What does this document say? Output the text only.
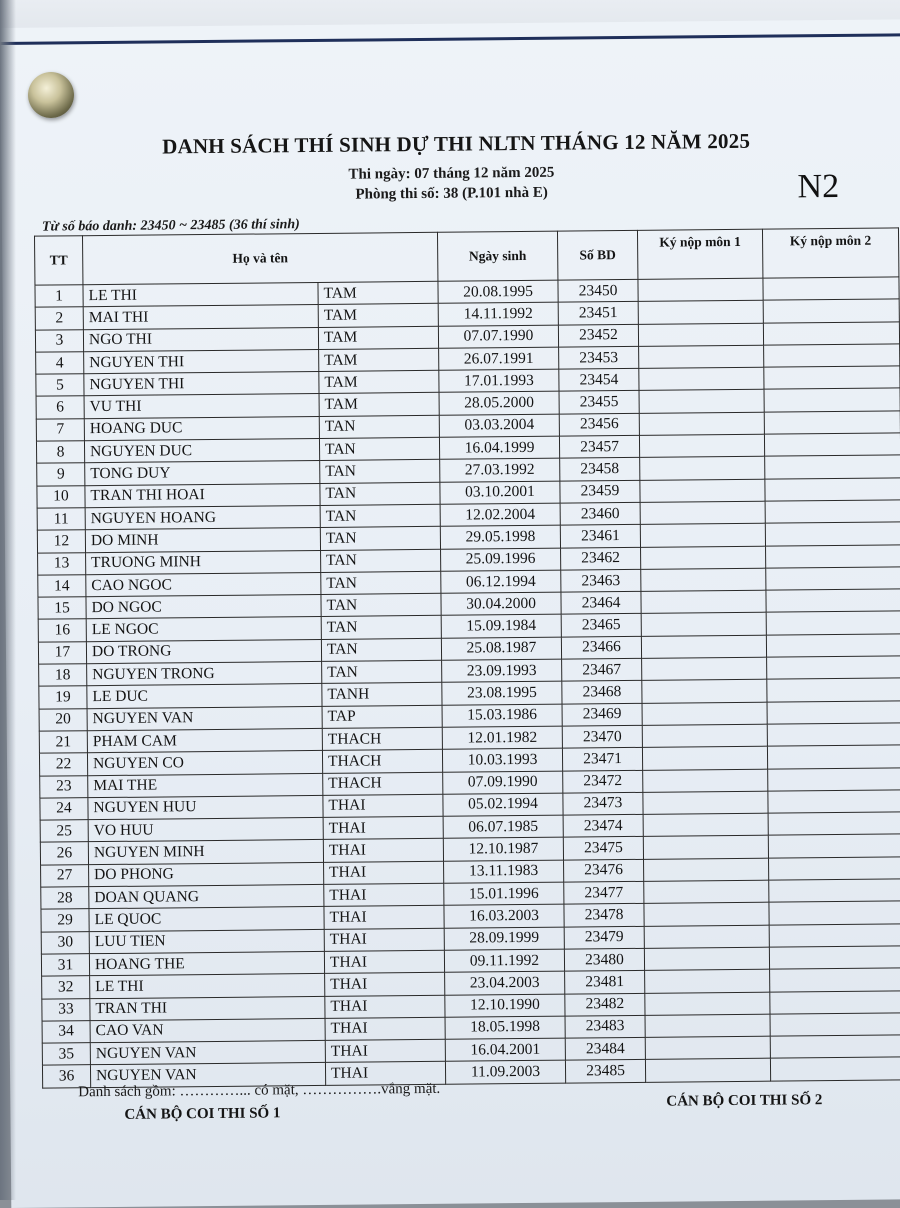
DANH SÁCH THÍ SINH DỰ THI NLTN THÁNG 12 NĂM 2025
Thi ngày: 07 tháng 12 năm 2025
Phòng thi số: 38 (P.101 nhà E)	N2
Từ số báo danh: 23450 ~ 23485 (36 thí sinh)
TT	Họ và tên		Ngày sinh	Số BD	Ký nộp môn 1	Ký nộp môn 2
1	LE THI	TAM	20.08.1995	23450		
2	MAI THI	TAM	14.11.1992	23451		
3	NGO THI	TAM	07.07.1990	23452		
4	NGUYEN THI	TAM	26.07.1991	23453		
5	NGUYEN THI	TAM	17.01.1993	23454		
6	VU THI	TAM	28.05.2000	23455		
7	HOANG DUC	TAN	03.03.2004	23456		
8	NGUYEN DUC	TAN	16.04.1999	23457		
9	TONG DUY	TAN	27.03.1992	23458		
10	TRAN THI HOAI	TAN	03.10.2001	23459		
11	NGUYEN HOANG	TAN	12.02.2004	23460		
12	DO MINH	TAN	29.05.1998	23461		
13	TRUONG MINH	TAN	25.09.1996	23462		
14	CAO NGOC	TAN	06.12.1994	23463		
15	DO NGOC	TAN	30.04.2000	23464		
16	LE NGOC	TAN	15.09.1984	23465		
17	DO TRONG	TAN	25.08.1987	23466		
18	NGUYEN TRONG	TAN	23.09.1993	23467		
19	LE DUC	TANH	23.08.1995	23468		
20	NGUYEN VAN	TAP	15.03.1986	23469		
21	PHAM CAM	THACH	12.01.1982	23470		
22	NGUYEN CO	THACH	10.03.1993	23471		
23	MAI THE	THACH	07.09.1990	23472		
24	NGUYEN HUU	THAI	05.02.1994	23473		
25	VO HUU	THAI	06.07.1985	23474		
26	NGUYEN MINH	THAI	12.10.1987	23475		
27	DO PHONG	THAI	13.11.1983	23476		
28	DOAN QUANG	THAI	15.01.1996	23477		
29	LE QUOC	THAI	16.03.2003	23478		
30	LUU TIEN	THAI	28.09.1999	23479		
31	HOANG THE	THAI	09.11.1992	23480		
32	LE THI	THAI	23.04.2003	23481		
33	TRAN THI	THAI	12.10.1990	23482		
34	CAO VAN	THAI	18.05.1998	23483		
35	NGUYEN VAN	THAI	16.04.2001	23484		
36	NGUYEN VAN	THAI	11.09.2003	23485		
Danh sách gồm: …………... có mặt, …………….vắng mặt.
CÁN BỘ COI THI SỐ 1
CÁN BỘ COI THI SỐ 2
